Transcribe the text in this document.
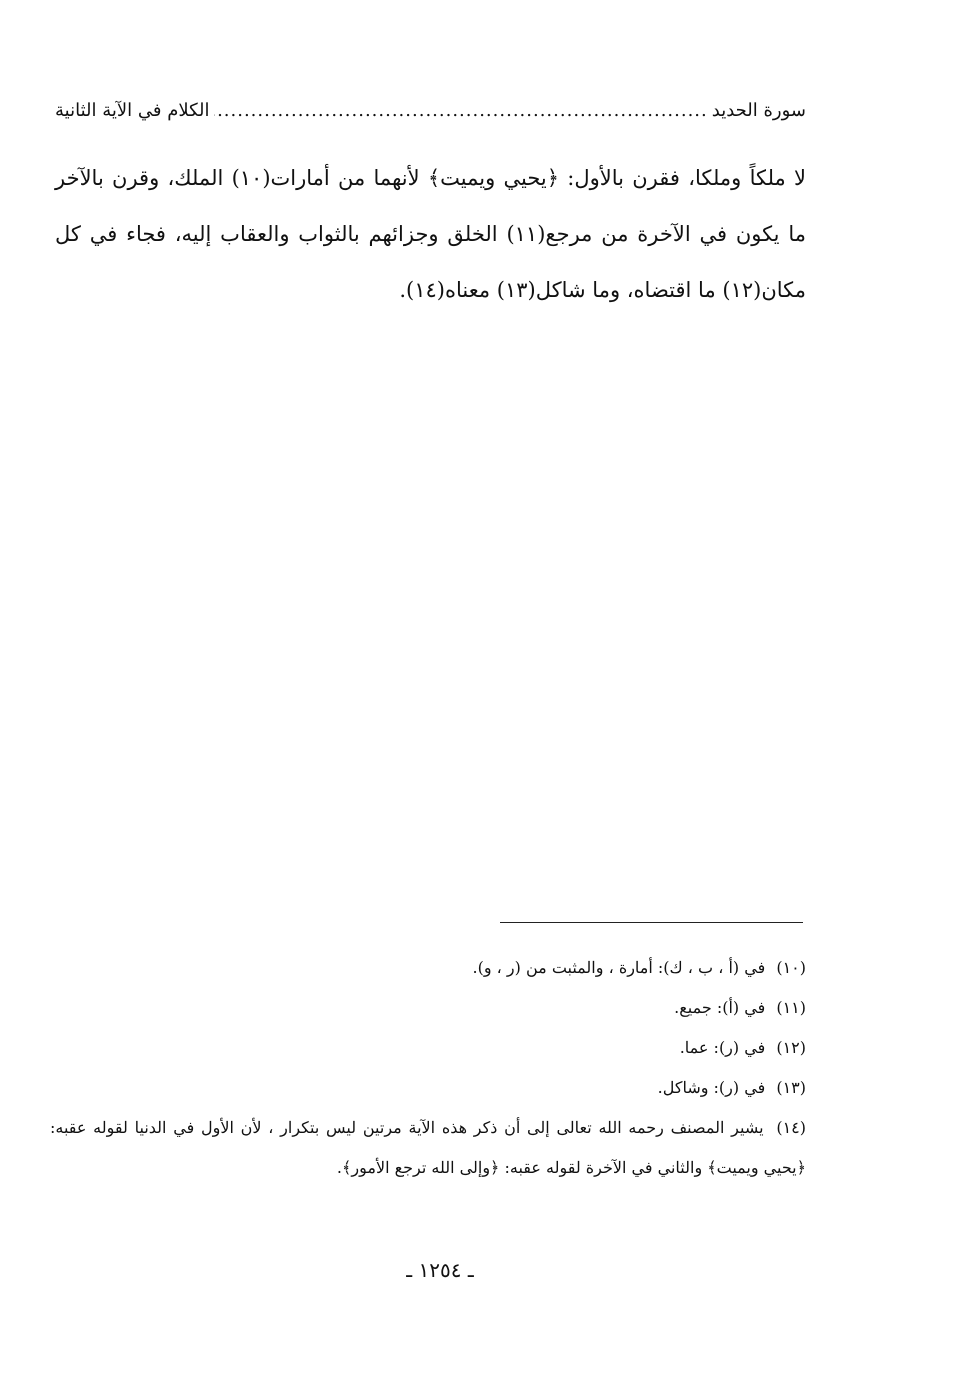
سورة الحديد
.....
الكلام في الآية الثانية

لا ملكاً وملكا، فقرن بالأول: ﴿يحيي ويميت﴾ لأنهما من أمارات(١٠) الملك، وقرن بالآخر ما يكون في الآخرة من مرجع(١١) الخلق وجزائهم بالثواب والعقاب إليه، فجاء في كل مكان(١٢) ما اقتضاه، وما شاكل(١٣) معناه(١٤).

(١٠) في (أ ، ب ، ك): أمارة ، والمثبت من (ر ، و).

(١١) في (أ): جميع.

(١٢) في (ر): عما.

(١٣) في (ر): وشاكل.

(١٤) يشير المصنف رحمه الله تعالى إلى أن ذكر هذه الآية مرتين ليس بتكرار ، لأن الأول في الدنيا لقوله عقبه: ﴿يحيي ويميت﴾ والثاني في الآخرة لقوله عقبه: ﴿وإلى الله ترجع الأمور﴾.

ـ ١٢٥٤ ـ
